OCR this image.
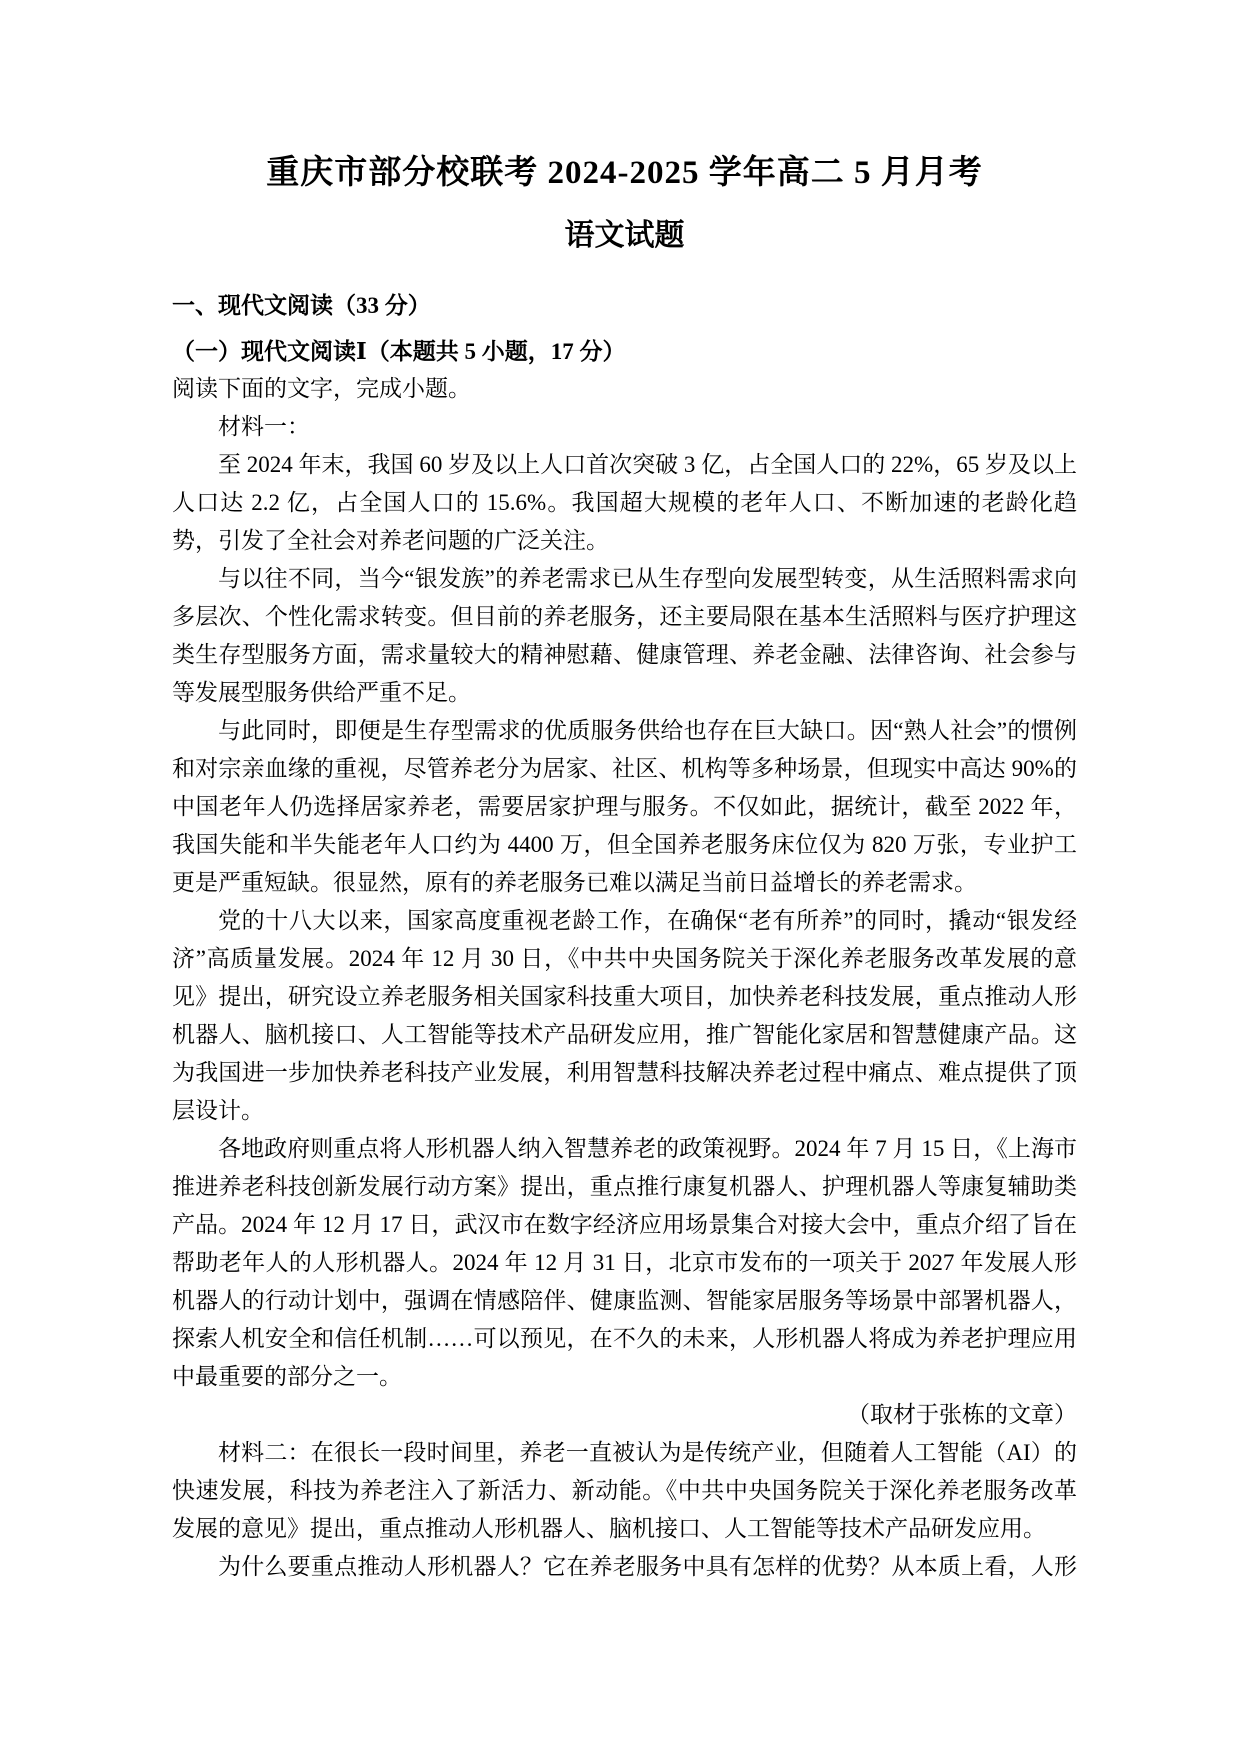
重庆市部分校联考 2024-2025 学年高二 5 月月考
语文试题
一、现代文阅读（33 分）
（一）现代文阅读Ⅰ（本题共 5 小题，17 分）

阅读下面的文字，完成小题。

材料一：

至 2024 年末，我国 60 岁及以上人口首次突破 3 亿，占全国人口的 22%，65 岁及以上人口达 2.2 亿，占全国人口的 15.6%。我国超大规模的老年人口、不断加速的老龄化趋势，引发了全社会对养老问题的广泛关注。

与以往不同，当今“银发族”的养老需求已从生存型向发展型转变，从生活照料需求向多层次、个性化需求转变。但目前的养老服务，还主要局限在基本生活照料与医疗护理这类生存型服务方面，需求量较大的精神慰藉、健康管理、养老金融、法律咨询、社会参与等发展型服务供给严重不足。

与此同时，即便是生存型需求的优质服务供给也存在巨大缺口。因“熟人社会”的惯例和对宗亲血缘的重视，尽管养老分为居家、社区、机构等多种场景，但现实中高达 90%的中国老年人仍选择居家养老，需要居家护理与服务。不仅如此，据统计，截至 2022 年，我国失能和半失能老年人口约为 4400 万，但全国养老服务床位仅为 820 万张，专业护工更是严重短缺。很显然，原有的养老服务已难以满足当前日益增长的养老需求。

党的十八大以来，国家高度重视老龄工作，在确保“老有所养”的同时，撬动“银发经济”高质量发展。2024 年 12 月 30 日，《中共中央国务院关于深化养老服务改革发展的意见》提出，研究设立养老服务相关国家科技重大项目，加快养老科技发展，重点推动人形机器人、脑机接口、人工智能等技术产品研发应用，推广智能化家居和智慧健康产品。这为我国进一步加快养老科技产业发展，利用智慧科技解决养老过程中痛点、难点提供了顶层设计。

各地政府则重点将人形机器人纳入智慧养老的政策视野。2024 年 7 月 15 日，《上海市推进养老科技创新发展行动方案》提出，重点推行康复机器人、护理机器人等康复辅助类产品。2024 年 12 月 17 日，武汉市在数字经济应用场景集合对接大会中，重点介绍了旨在帮助老年人的人形机器人。2024 年 12 月 31 日，北京市发布的一项关于 2027 年发展人形机器人的行动计划中，强调在情感陪伴、健康监测、智能家居服务等场景中部署机器人，探索人机安全和信任机制……可以预见，在不久的未来，人形机器人将成为养老护理应用中最重要的部分之一。

（取材于张栋的文章）

材料二：在很长一段时间里，养老一直被认为是传统产业，但随着人工智能（AI）的快速发展，科技为养老注入了新活力、新动能。《中共中央国务院关于深化养老服务改革发展的意见》提出，重点推动人形机器人、脑机接口、人工智能等技术产品研发应用。

为什么要重点推动人形机器人？它在养老服务中具有怎样的优势？从本质上看，人形
